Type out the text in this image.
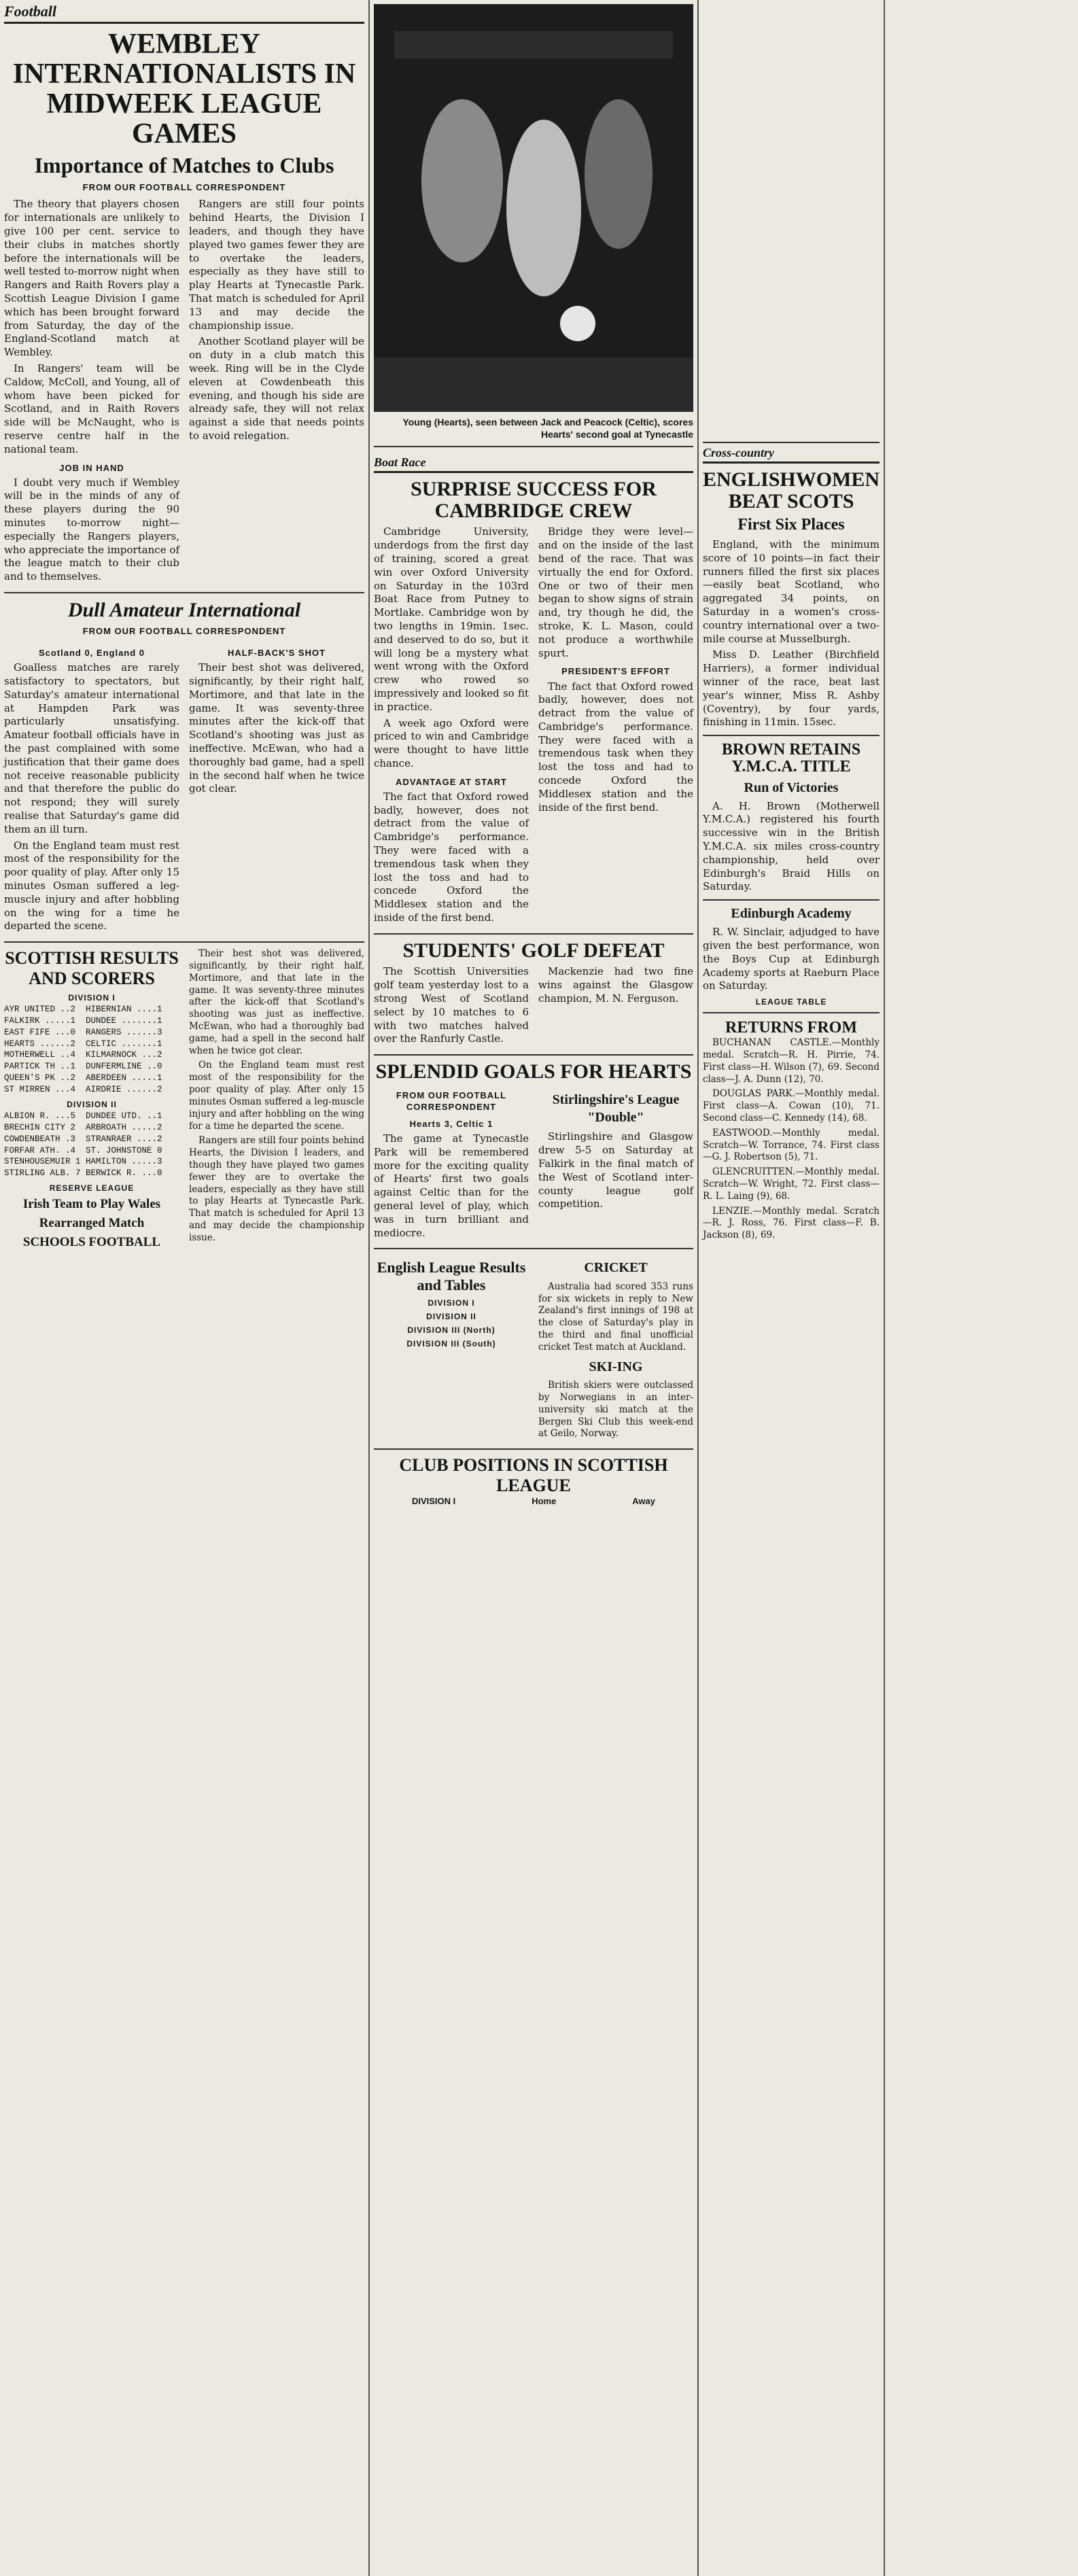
Football
WEMBLEY INTERNATIONALISTS IN MIDWEEK LEAGUE GAMES
Importance of Matches to Clubs
FROM OUR FOOTBALL CORRESPONDENT

The theory that players chosen for internationals are unlikely to give 100 per cent. service to their clubs in matches shortly before the internationals will be well tested to-morrow night when Rangers and Raith Rovers play a Scottish League Division I game which has been brought forward from Saturday, the day of the England-Scotland match at Wembley.

In Rangers' team will be Caldow, McColl, and Young, all of whom have been picked for Scotland, and in Raith Rovers side will be McNaught, who is reserve centre half in the national team.

JOB IN HAND

I doubt very much if Wembley will be in the minds of any of these players during the 90 minutes to-morrow night—especially the Rangers players, who appreciate the importance of the league match to their club and to themselves.

Rangers are still four points behind Hearts, the Division I leaders, and though they have played two games fewer they are to overtake the leaders, especially as they have still to play Hearts at Tynecastle Park. That match is scheduled for April 13 and may decide the championship issue.

Another Scotland player will be on duty in a club match this week. Ring will be in the Clyde eleven at Cowdenbeath this evening, and though his side are already safe, they will not relax against a side that needs points to avoid relegation.

Dull Amateur International
FROM OUR FOOTBALL CORRESPONDENT
Scotland 0, England 0

Goalless matches are rarely satisfactory to spectators, but Saturday's amateur international at Hampden Park was particularly unsatisfying. Amateur football officials have in the past complained with some justification that their game does not receive reasonable publicity and that therefore the public do not respond; they will surely realise that Saturday's game did them an ill turn.

On the England team must rest most of the responsibility for the poor quality of play. After only 15 minutes Osman suffered a leg-muscle injury and after hobbling on the wing for a time he departed the scene.

HALF-BACK'S SHOT

Their best shot was delivered, significantly, by their right half, Mortimore, and that late in the game. It was seventy-three minutes after the kick-off that Scotland's shooting was just as ineffective. McEwan, who had a thoroughly bad game, had a spell in the second half when he twice got clear.

SCOTTISH RESULTS AND SCORERS
DIVISION I
AYR UNITED ..2  HIBERNIAN ....1
FALKIRK .....1  DUNDEE .......1
EAST FIFE ...0  RANGERS ......3
HEARTS ......2  CELTIC .......1
MOTHERWELL ..4  KILMARNOCK ...2
PARTICK TH ..1  DUNFERMLINE ..0
QUEEN'S PK ..2  ABERDEEN .....1
ST MIRREN ...4  AIRDRIE ......2
DIVISION II
ALBION R. ...5  DUNDEE UTD. ..1
BRECHIN CITY 2  ARBROATH .....2
COWDENBEATH .3  STRANRAER ....2
FORFAR ATH. .4  ST. JOHNSTONE 0
STENHOUSEMUIR 1 HAMILTON .....3
STIRLING ALB. 7 BERWICK R. ...0
RESERVE LEAGUE
Irish Team to Play Wales
Rearranged Match
SCHOOLS FOOTBALL

Their best shot was delivered, significantly, by their right half, Mortimore, and that late in the game. It was seventy-three minutes after the kick-off that Scotland's shooting was just as ineffective. McEwan, who had a thoroughly bad game, had a spell in the second half when he twice got clear.

On the England team must rest most of the responsibility for the poor quality of play. After only 15 minutes Osman suffered a leg-muscle injury and after hobbling on the wing for a time he departed the scene.

Rangers are still four points behind Hearts, the Division I leaders, and though they have played two games fewer they are to overtake the leaders, especially as they have still to play Hearts at Tynecastle Park. That match is scheduled for April 13 and may decide the championship issue.

Young (Hearts), seen between Jack and Peacock (Celtic), scores Hearts' second goal at Tynecastle
Boat Race
SURPRISE SUCCESS FOR CAMBRIDGE CREW

Cambridge University, underdogs from the first day of training, scored a great win over Oxford University on Saturday in the 103rd Boat Race from Putney to Mortlake. Cambridge won by two lengths in 19min. 1sec. and deserved to do so, but it will long be a mystery what went wrong with the Oxford crew who rowed so impressively and looked so fit in practice.

A week ago Oxford were priced to win and Cambridge were thought to have little chance.

ADVANTAGE AT START

The fact that Oxford rowed badly, however, does not detract from the value of Cambridge's performance. They were faced with a tremendous task when they lost the toss and had to concede Oxford the Middlesex station and the inside of the first bend.

Bridge they were level—and on the inside of the last bend of the race. That was virtually the end for Oxford. One or two of their men began to show signs of strain and, try though he did, the stroke, K. L. Mason, could not produce a worthwhile spurt.

PRESIDENT'S EFFORT

The fact that Oxford rowed badly, however, does not detract from the value of Cambridge's performance. They were faced with a tremendous task when they lost the toss and had to concede Oxford the Middlesex station and the inside of the first bend.

STUDENTS' GOLF DEFEAT

The Scottish Universities golf team yesterday lost to a strong West of Scotland select by 10 matches to 6 with two matches halved over the Ranfurly Castle.

Mackenzie had two fine wins against the Glasgow champion, M. N. Ferguson.

SPLENDID GOALS FOR HEARTS
FROM OUR FOOTBALL CORRESPONDENT
Hearts 3, Celtic 1

The game at Tynecastle Park will be remembered more for the exciting quality of Hearts' first two goals against Celtic than for the general level of play, which was in turn brilliant and mediocre.

Stirlingshire's League "Double"

Stirlingshire and Glasgow drew 5-5 on Saturday at Falkirk in the final match of the West of Scotland inter-county league golf competition.

English League Results and Tables
DIVISION I
DIVISION II
DIVISION III (North)
DIVISION III (South)
CRICKET

Australia had scored 353 runs for six wickets in reply to New Zealand's first innings of 198 at the close of Saturday's play in the third and final unofficial cricket Test match at Auckland.

SKI-ING

British skiers were outclassed by Norwegians in an inter-university ski match at the Bergen Ski Club this week-end at Geilo, Norway.

CLUB POSITIONS IN SCOTTISH LEAGUE
DIVISION I	Home	Away
Cross-country
ENGLISHWOMEN BEAT SCOTS
First Six Places

England, with the minimum score of 10 points—in fact their runners filled the first six places—easily beat Scotland, who aggregated 34 points, on Saturday in a women's cross-country international over a two-mile course at Musselburgh.

Miss D. Leather (Birchfield Harriers), a former individual winner of the race, beat last year's winner, Miss R. Ashby (Coventry), by four yards, finishing in 11min. 15sec.

BROWN RETAINS Y.M.C.A. TITLE
Run of Victories

A. H. Brown (Motherwell Y.M.C.A.) registered his fourth successive win in the British Y.M.C.A. six miles cross-country championship, held over Edinburgh's Braid Hills on Saturday.

Edinburgh Academy

R. W. Sinclair, adjudged to have given the best performance, won the Boys Cup at Edinburgh Academy sports at Raeburn Place on Saturday.

LEAGUE TABLE
RETURNS FROM

BUCHANAN CASTLE.—Monthly medal. Scratch—R. H. Pirrie, 74. First class—H. Wilson (7), 69. Second class—J. A. Dunn (12), 70.

DOUGLAS PARK.—Monthly medal. First class—A. Cowan (10), 71. Second class—C. Kennedy (14), 68.

EASTWOOD.—Monthly medal. Scratch—W. Torrance, 74. First class—G. J. Robertson (5), 71.

GLENCRUITTEN.—Monthly medal. Scratch—W. Wright, 72. First class—R. L. Laing (9), 68.

LENZIE.—Monthly medal. Scratch—R. J. Ross, 76. First class—F. B. Jackson (8), 69.
